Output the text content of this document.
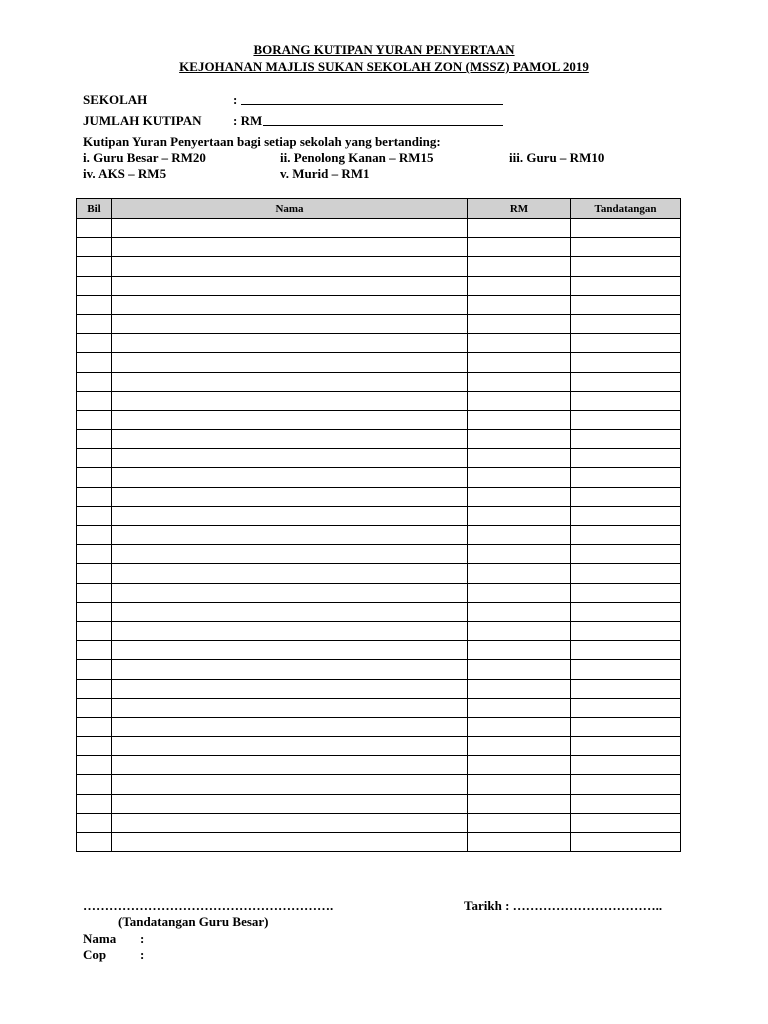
BORANG KUTIPAN YURAN PENYERTAAN
KEJOHANAN MAJLIS SUKAN SEKOLAH ZON (MSSZ) PAMOL 2019
SEKOLAH	:
JUMLAH KUTIPAN : RM
Kutipan Yuran Penyertaan bagi setiap sekolah yang bertanding:
i. Guru Besar – RM20	ii. Penolong Kanan – RM15	iii. Guru – RM10
iv. AKS – RM5	v. Murid – RM1
Bil	Nama	RM	Tandatangan

………………………………………………….
(Tandatangan Guru Besar)
Tarikh : ……………………………..
Nama :
Cop	:
